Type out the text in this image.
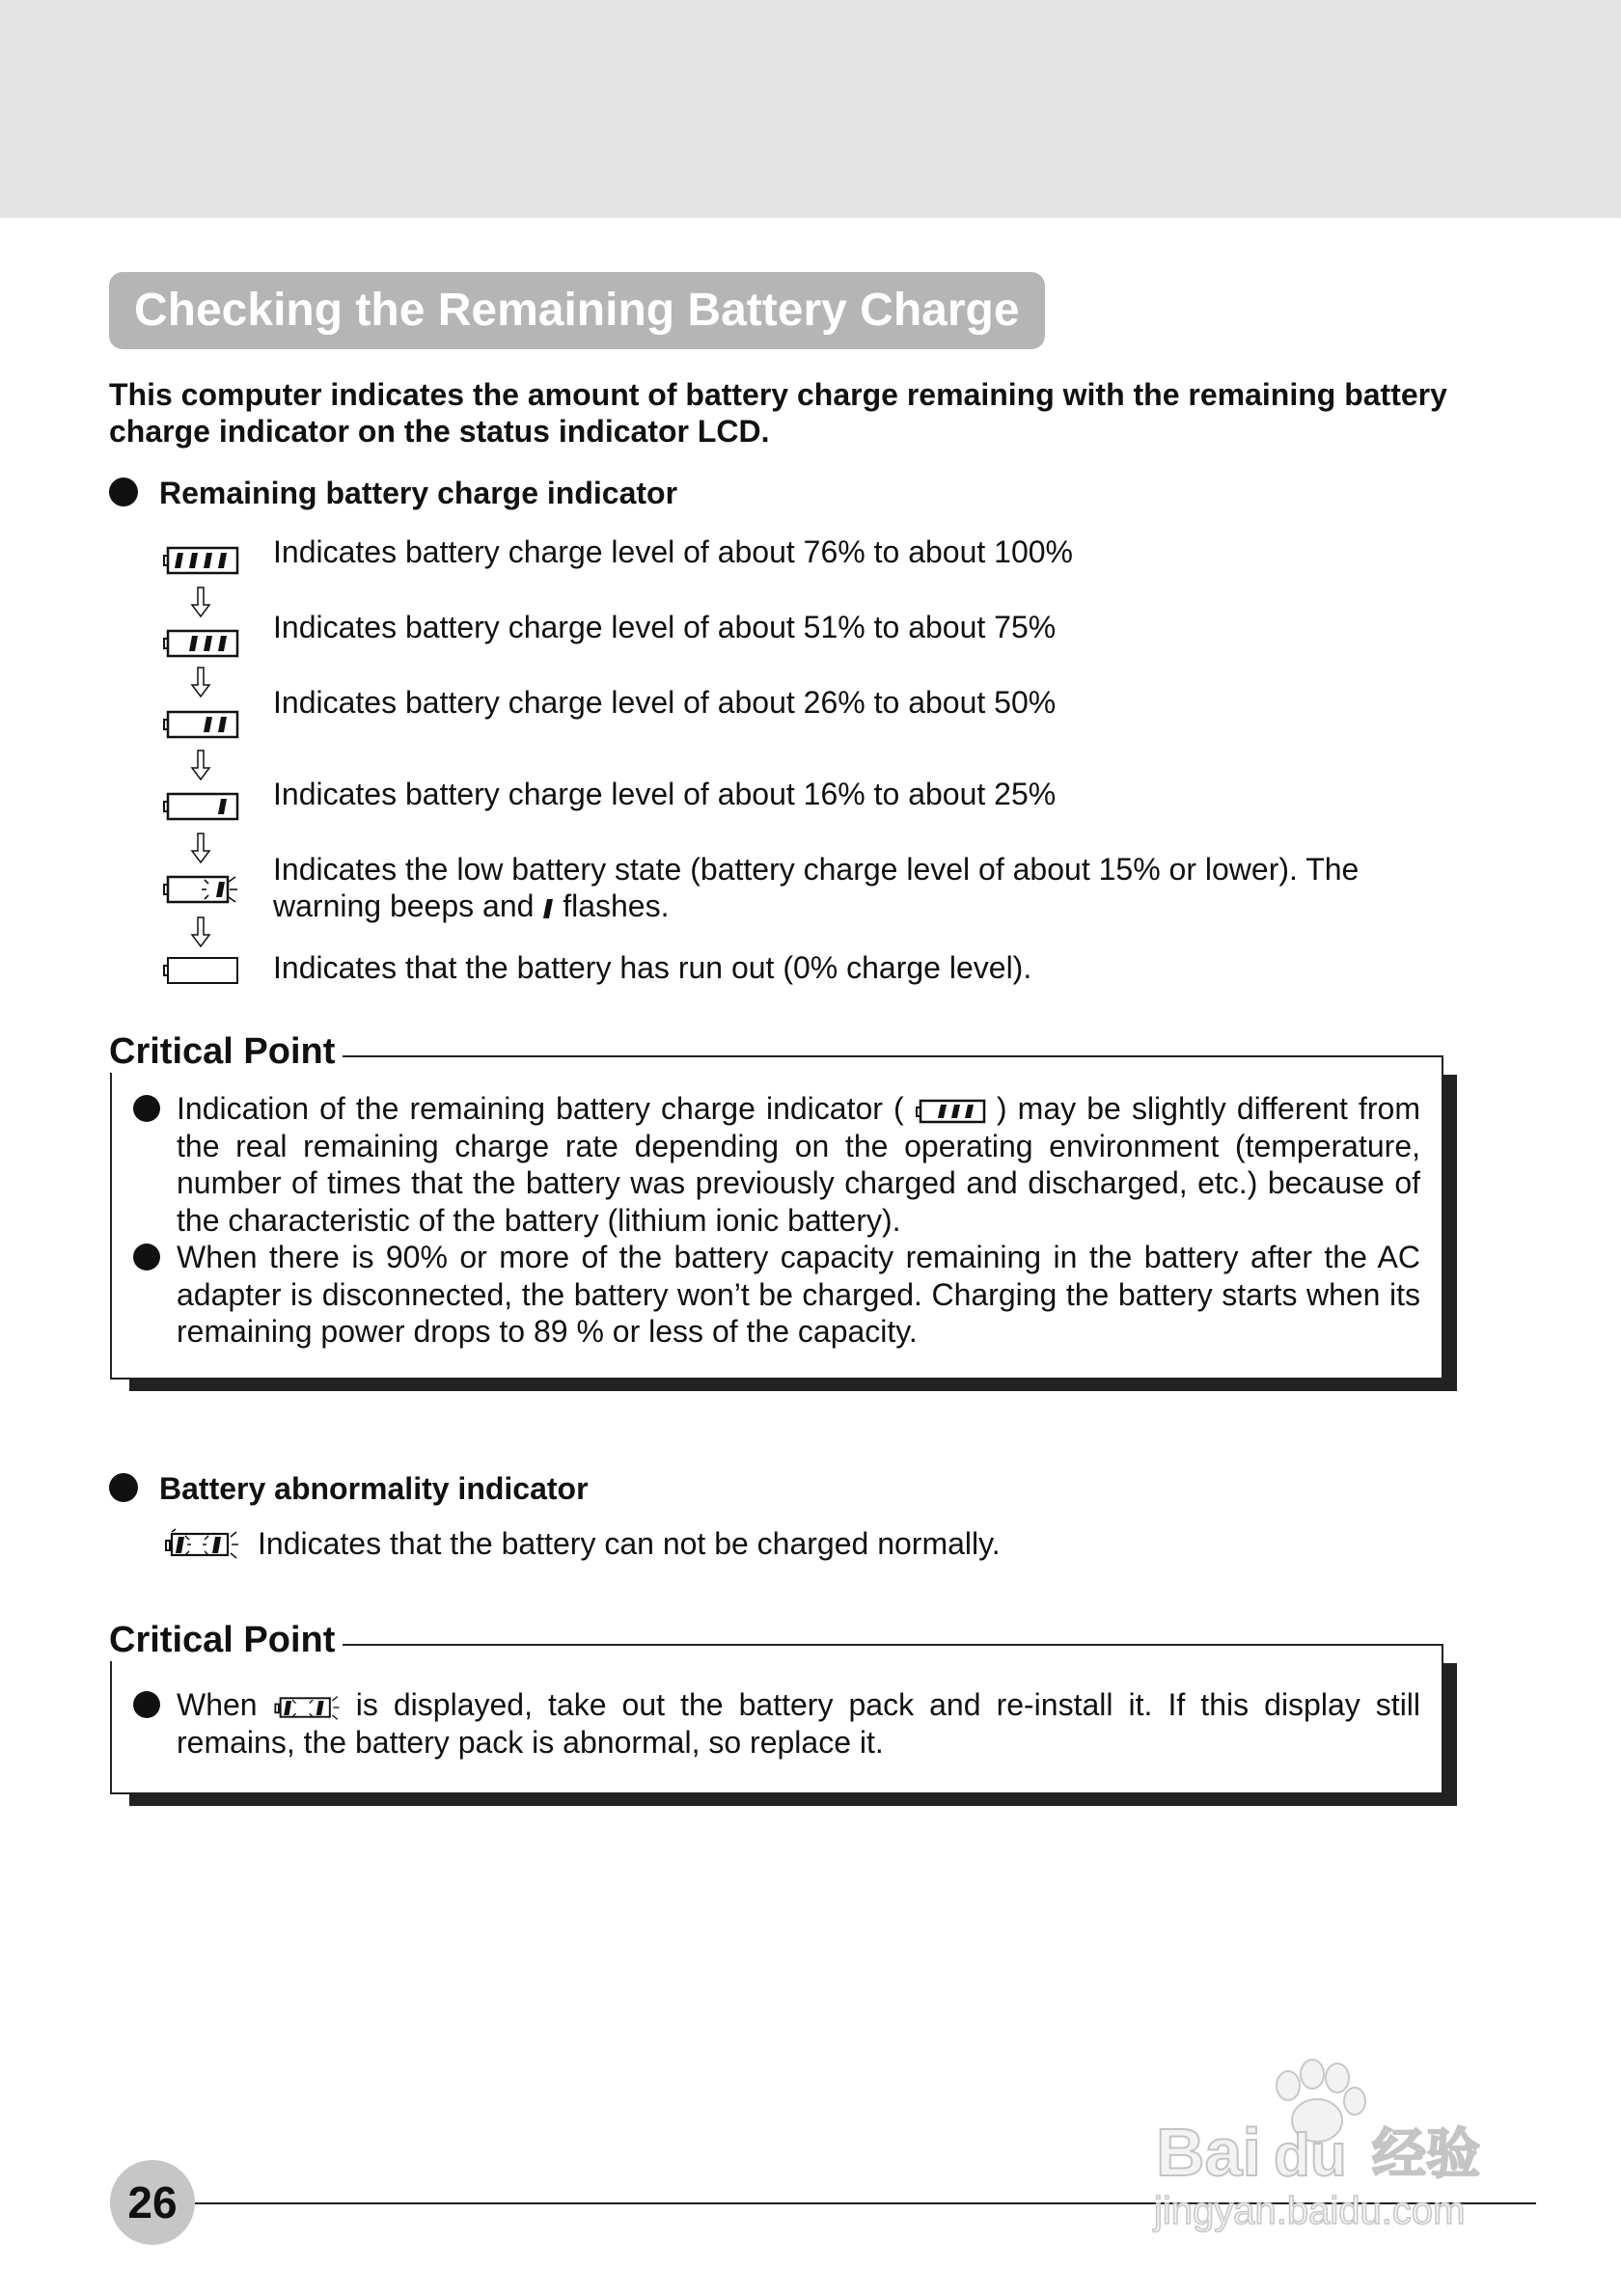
Checking the Remaining Battery Charge
This computer indicates the amount of battery charge remaining with the remaining battery charge indicator on the status indicator LCD.
Remaining battery charge indicator
Indicates battery charge level of about 76% to about 100%
Indicates battery charge level of about 51% to about 75%
Indicates battery charge level of about 26% to about 50%
Indicates battery charge level of about 16% to about 25%
Indicates the low battery state (battery charge level of about 15% or lower). The warning beeps and flashes.
Indicates that the battery has run out (0% charge level).
Indication of the remaining battery charge indicator (	) may be slightly different from the real remaining charge rate depending on the operating environment (temperature, number of times that the battery was previously charged and discharged, etc.) because of the characteristic of the battery (lithium ionic battery).
When there is 90% or more of the battery capacity remaining in the battery after the AC adapter is disconnected, the battery won’t be charged. Charging the battery starts when its remaining power drops to 89 % or less of the capacity.
Critical Point
Battery abnormality indicator
Indicates that the battery can not be charged normally.
When	is displayed, take out the battery pack and re-install it. If this display still remains, the battery pack is abnormal, so replace it.
Critical Point
26
Bai du 经验
jingyan.baidu.com
